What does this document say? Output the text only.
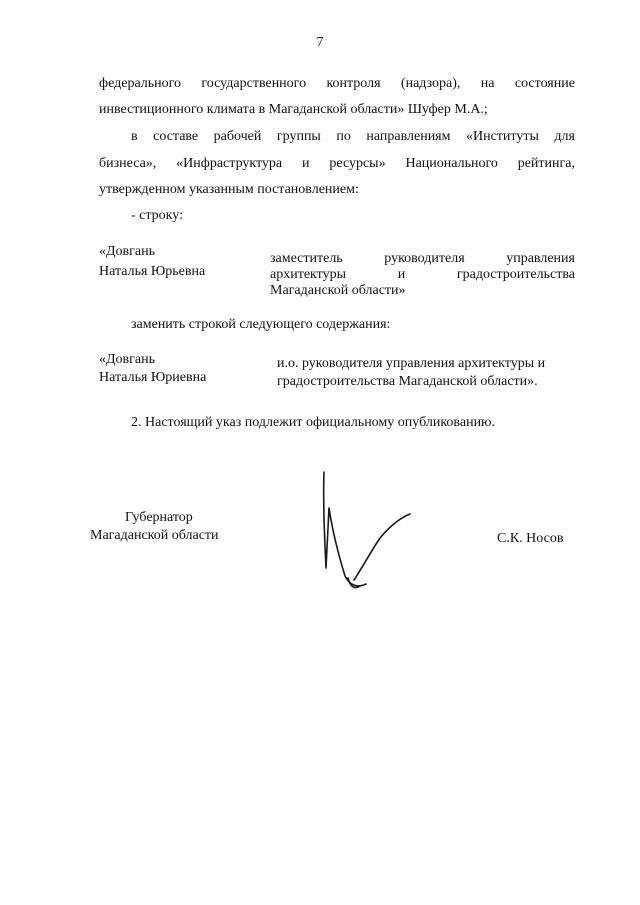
7
федерального государственного контроля (надзора), на состояние
инвестиционного климата в Магаданской области» Шуфер М.А.;
в составе рабочей группы по направлениям «Институты для
бизнеса», «Инфраструктура и ресурсы» Национального рейтинга,
утвержденном указанным постановлением:
- строку:
«Довгань
Наталья Юрьевна
заместитель	руководителя	управления
архитектуры	и	градостроительства
Магаданской области»
заменить строкой следующего содержания:
«Довгань
Наталья Юриевна
и.о. руководителя управления архитектуры и
градостроительства Магаданской области».
2. Настоящий указ подлежит официальному опубликованию.
Губернатор
Магаданской области	С.К. Носов
